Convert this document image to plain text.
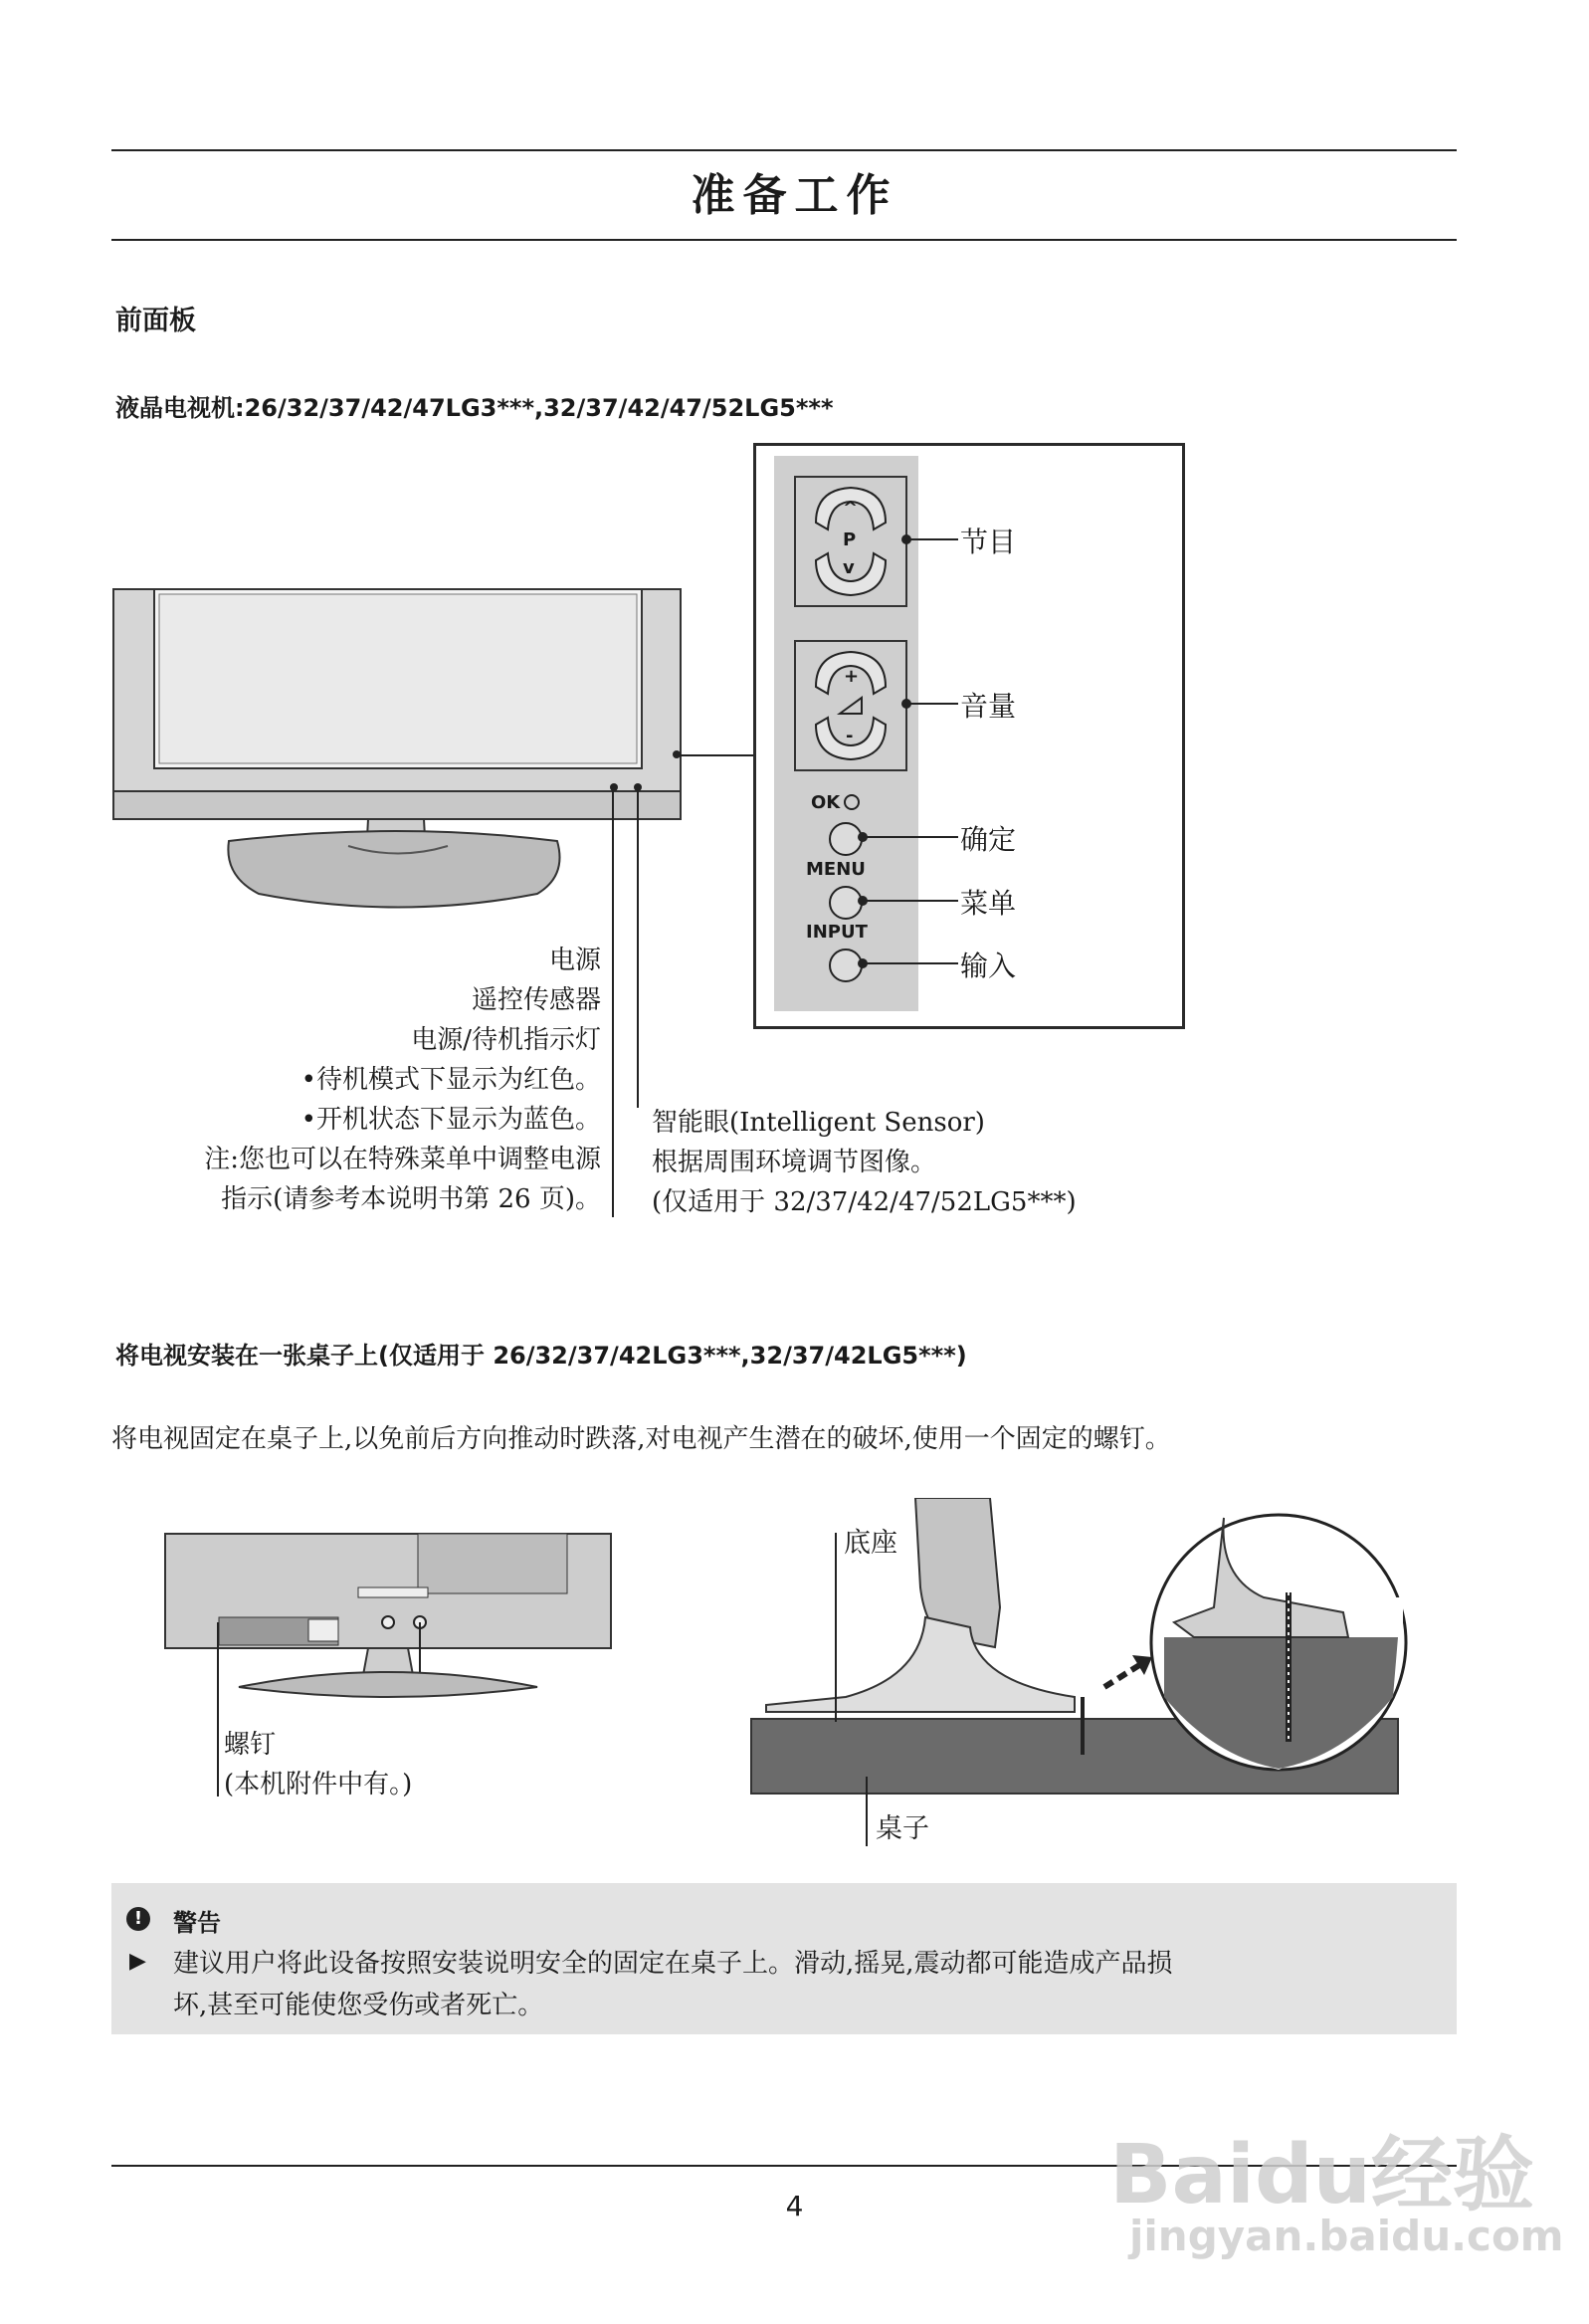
准备工作
前面板
液晶电视机:26/32/37/42/47LG3***,32/37/42/47/52LG5***
^
P
v
+
-
OK
MENU
INPUT
节目
音量
确定
菜单
输入
电源
遥控传感器
电源/待机指示灯
•待机模式下显示为红色。
•开机状态下显示为蓝色。
注:您也可以在特殊菜单中调整电源
指示(请参考本说明书第 26 页)。
智能眼(Intelligent Sensor)
根据周围环境调节图像。
(仅适用于 32/37/42/47/52LG5***)
将电视安装在一张桌子上(仅适用于 26/32/37/42LG3***,32/37/42LG5***)
将电视固定在桌子上,以免前后方向推动时跌落,对电视产生潜在的破坏,使用一个固定的螺钉。
螺钉
(本机附件中有。)
底座
桌子
!	警告
▶ 建议用户将此设备按照安装说明安全的固定在桌子上。滑动,摇晃,震动都可能造成产品损
坏,甚至可能使您受伤或者死亡。
4	Baidu经验
jingyan.baidu.com
